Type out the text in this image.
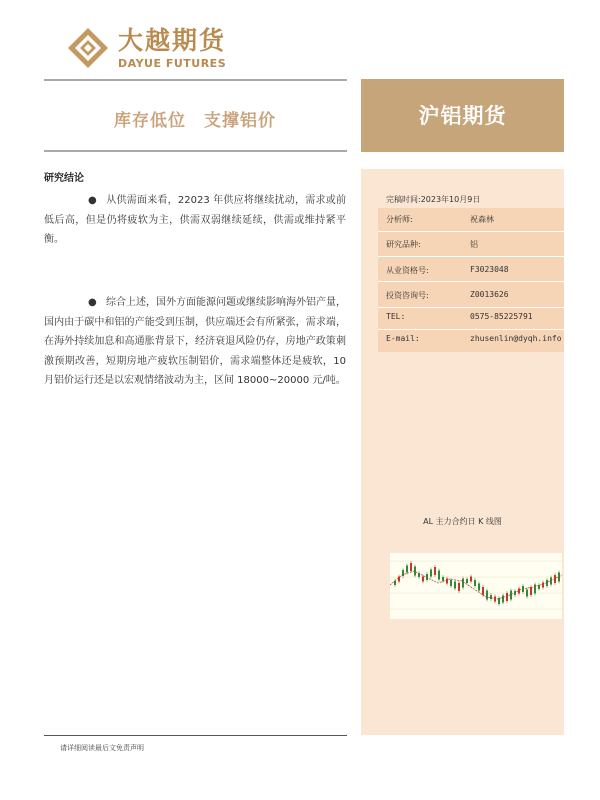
大越期货
DAYUE FUTURES
库存低位　支撑铝价	沪铝期货
完稿时间:2023年10月9日
分析师:	祝森林
研究品种:	铝
从业资格号:	F3023048
投资咨询号:	Z0013626
TEL:	0575-85225791
E-mail:	zhusenlin@dyqh.info
AL 主力合约日 K 线图
研究结论
● 从供需面来看，22023 年供应将继续扰动，需求或前低后高，但是仍将疲软为主，供需双弱继续延续，供需或维持紧平衡。
● 综合上述，国外方面能源问题或继续影响海外铝产量，国内由于碳中和铝的产能受到压制，供应端还会有所紧张，需求端，在海外持续加息和高通胀背景下，经济衰退风险仍存，房地产政策刺激预期改善，短期房地产疲软压制铝价，需求端整体还是疲软，10 月铝价运行还是以宏观情绪波动为主，区间 18000~20000 元/吨。
请详细阅读最后文免责声明
